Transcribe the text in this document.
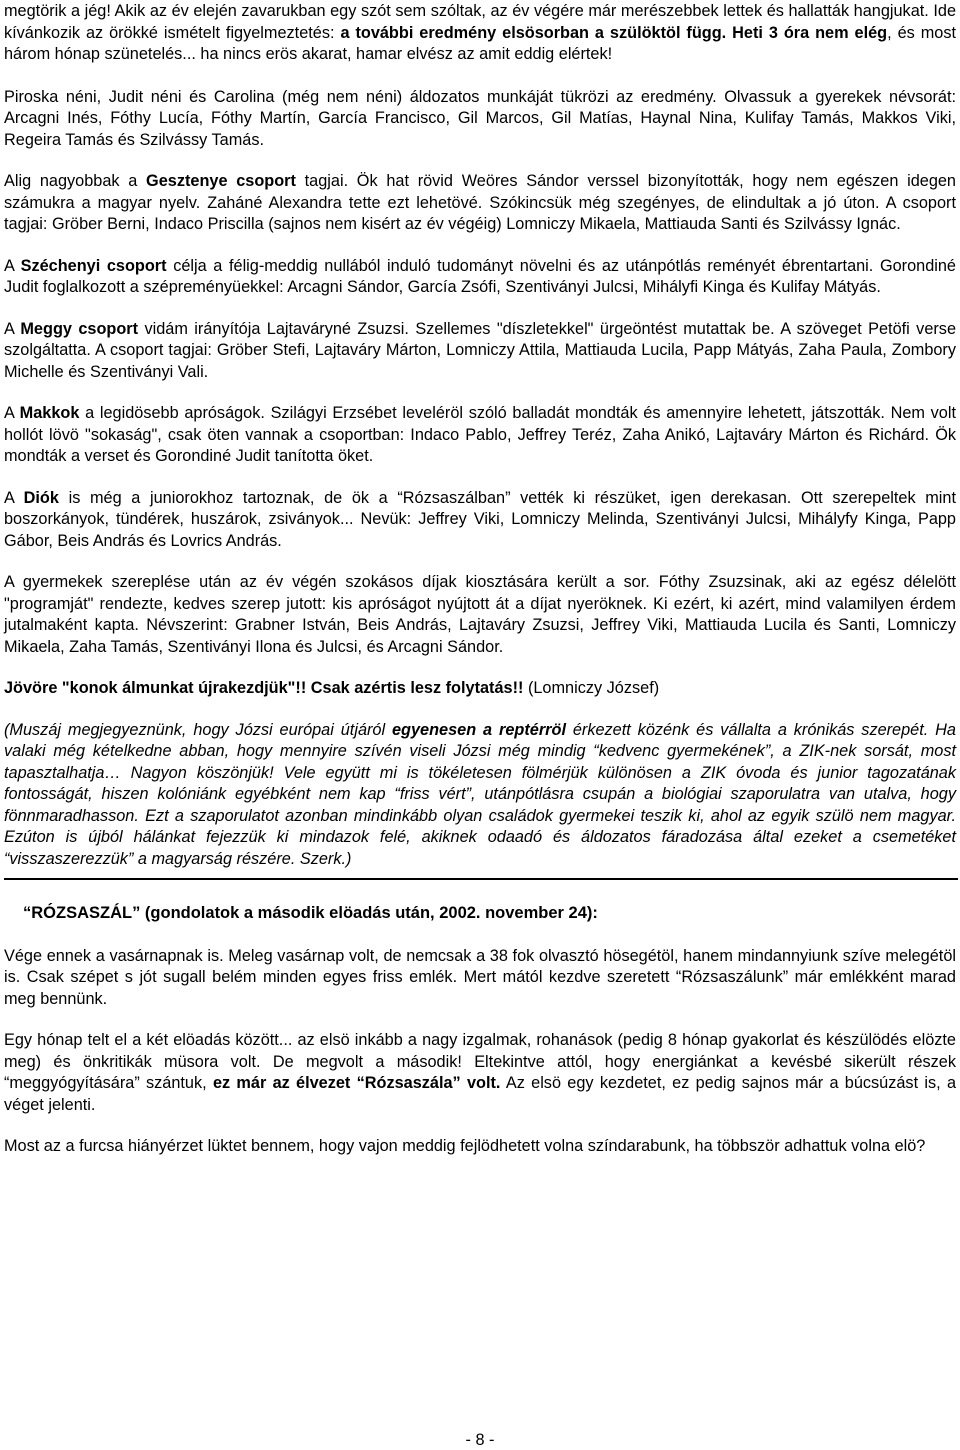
megtörik a jég! Akik az év elején zavarukban egy szót sem szóltak, az év végére már merészebbek lettek és hallatták hangjukat. Ide kívánkozik az örökké ismételt figyelmeztetés: a további eredmény elsösorban a szülöktöl függ. Heti 3 óra nem elég, és most három hónap szünetelés... ha nincs erös akarat, hamar elvész az amit eddig elértek!

Piroska néni, Judit néni és Carolina (még nem néni) áldozatos munkáját tükrözi az eredmény. Olvassuk a gyerekek névsorát: Arcagni Inés, Fóthy Lucía, Fóthy Martín, García Francisco, Gil Marcos, Gil Matías, Haynal Nina, Kulifay Tamás, Makkos Viki, Regeira Tamás és Szilvássy Tamás.

Alig nagyobbak a Gesztenye csoport tagjai. Ök hat rövid Weöres Sándor verssel bizonyították, hogy nem egészen idegen számukra a magyar nyelv. Zaháné Alexandra tette ezt lehetövé. Szókincsük még szegényes, de elindultak a jó úton. A csoport tagjai: Gröber Berni, Indaco Priscilla (sajnos nem kisért az év végéig) Lomniczy Mikaela, Mattiauda Santi és Szilvássy Ignác.

A Széchenyi csoport célja a félig-meddig nullából induló tudományt növelni és az utánpótlás reményét ébrentartani. Gorondiné Judit foglalkozott a szépreményüekkel: Arcagni Sándor, García Zsófi, Szentiványi Julcsi, Mihályfi Kinga és Kulifay Mátyás.

A Meggy csoport vidám irányítója Lajtaváryné Zsuzsi. Szellemes "díszletekkel" ürgeöntést mutattak be. A szöveget Petöfi verse szolgáltatta. A csoport tagjai: Gröber Stefi, Lajtaváry Márton, Lomniczy Attila, Mattiauda Lucila, Papp Mátyás, Zaha Paula, Zombory Michelle és Szentiványi Vali.

A Makkok a legidösebb apróságok. Szilágyi Erzsébet leveléröl szóló balladát mondták és amennyire lehetett, játszották. Nem volt hollót lövö "sokaság", csak öten vannak a csoportban: Indaco Pablo, Jeffrey Teréz, Zaha Anikó, Lajtaváry Márton és Richárd. Ök mondták a verset és Gorondiné Judit tanította öket.

A Diók is még a juniorokhoz tartoznak, de ök a “Rózsaszálban” vették ki részüket, igen derekasan. Ott szerepeltek mint boszorkányok, tündérek, huszárok, zsiványok... Nevük: Jeffrey Viki, Lomniczy Melinda, Szentiványi Julcsi, Mihályfy Kinga, Papp Gábor, Beis András és Lovrics András.

A gyermekek szereplése után az év végén szokásos díjak kiosztására került a sor. Fóthy Zsuzsinak, aki az egész délelött "programját" rendezte, kedves szerep jutott: kis apróságot nyújtott át a díjat nyeröknek. Ki ezért, ki azért, mind valamilyen érdem jutalmaként kapta. Névszerint: Grabner István, Beis András, Lajtaváry Zsuzsi, Jeffrey Viki, Mattiauda Lucila és Santi, Lomniczy Mikaela, Zaha Tamás, Szentiványi Ilona és Julcsi, és Arcagni Sándor.

Jövöre "konok álmunkat újrakezdjük"!! Csak azértis lesz folytatás!! (Lomniczy József)

(Muszáj megjegyeznünk, hogy Józsi európai útjáról egyenesen a reptérröl érkezett közénk és vállalta a krónikás szerepét. Ha valaki még kételkedne abban, hogy mennyire szívén viseli Józsi még mindig “kedvenc gyermekének”, a ZIK-nek sorsát, most tapasztalhatja… Nagyon köszönjük! Vele együtt mi is tökéletesen fölmérjük különösen a ZIK óvoda és junior tagozatának fontosságát, hiszen kolóniánk egyébként nem kap “friss vért”, utánpótlásra csupán a biológiai szaporulatra van utalva, hogy fönnmaradhasson. Ezt a szaporulatot azonban mindinkább olyan családok gyermekei teszik ki, ahol az egyik szülö nem magyar. Ezúton is újból hálánkat fejezzük ki mindazok felé, akiknek odaadó és áldozatos fáradozása által ezeket a csemetéket “visszaszerezzük” a magyarság részére. Szerk.)

“RÓZSASZÁL” (gondolatok a második elöadás után, 2002. november 24):

Vége ennek a vasárnapnak is. Meleg vasárnap volt, de nemcsak a 38 fok olvasztó hösegétöl, hanem mindannyiunk szíve melegétöl is. Csak szépet s jót sugall belém minden egyes friss emlék. Mert mától kezdve szeretett “Rózsaszálunk” már emlékként marad meg bennünk.

Egy hónap telt el a két elöadás között... az elsö inkább a nagy izgalmak, rohanások (pedig 8 hónap gyakorlat és készülödés elözte meg) és önkritikák müsora volt. De megvolt a második! Eltekintve attól, hogy energiánkat a kevésbé sikerült részek “meggyógyítására” szántuk, ez már az élvezet “Rózsaszála” volt. Az elsö egy kezdetet, ez pedig sajnos már a búcsúzást is, a véget jelenti.

Most az a furcsa hiányérzet lüktet bennem, hogy vajon meddig fejlödhetett volna színdarabunk, ha többször adhattuk volna elö?

- 8 -
